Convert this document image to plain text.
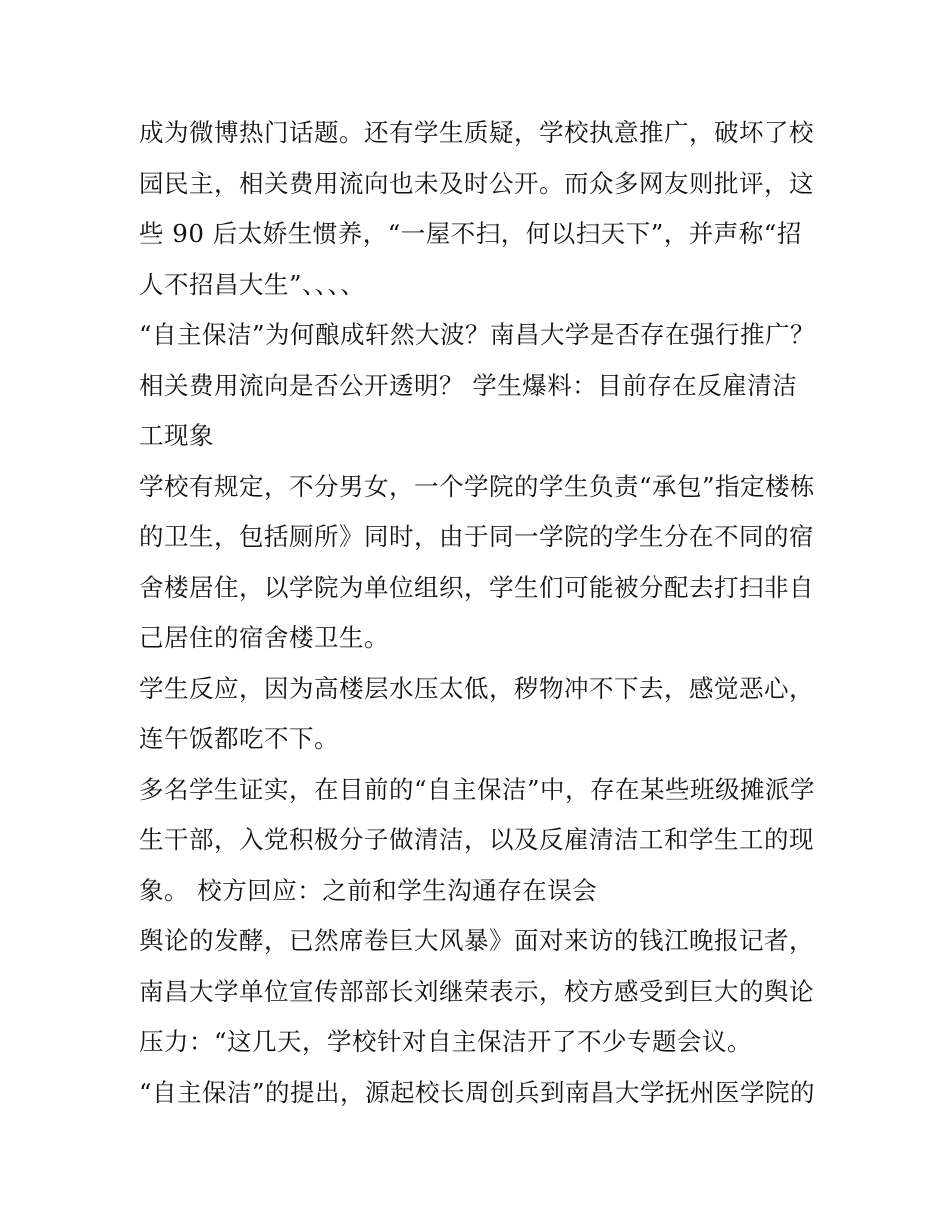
成为微博热门话题。还有学生质疑，学校执意推广，破坏了校园民主，相关费用流向也未及时公开。而众多网友则批评，这些 90 后太娇生惯养，“一屋不扫，何以扫天下”，并声称“招人不招昌大生”、、、、

“自主保洁”为何酿成轩然大波？南昌大学是否存在强行推广？相关费用流向是否公开透明？ 学生爆料：目前存在反雇清洁工现象

学校有规定，不分男女，一个学院的学生负责“承包”指定楼栋的卫生，包括厕所》同时，由于同一学院的学生分在不同的宿舍楼居住，以学院为单位组织，学生们可能被分配去打扫非自己居住的宿舍楼卫生。

学生反应，因为高楼层水压太低，秽物冲不下去，感觉恶心，连午饭都吃不下。

多名学生证实，在目前的“自主保洁”中，存在某些班级摊派学生干部，入党积极分子做清洁，以及反雇清洁工和学生工的现象。 校方回应：之前和学生沟通存在误会

舆论的发酵，已然席卷巨大风暴》面对来访的钱江晚报记者，南昌大学单位宣传部部长刘继荣表示，校方感受到巨大的舆论压力：“这几天，学校针对自主保洁开了不少专题会议。

“自主保洁”的提出，源起校长周创兵到南昌大学抚州医学院的
